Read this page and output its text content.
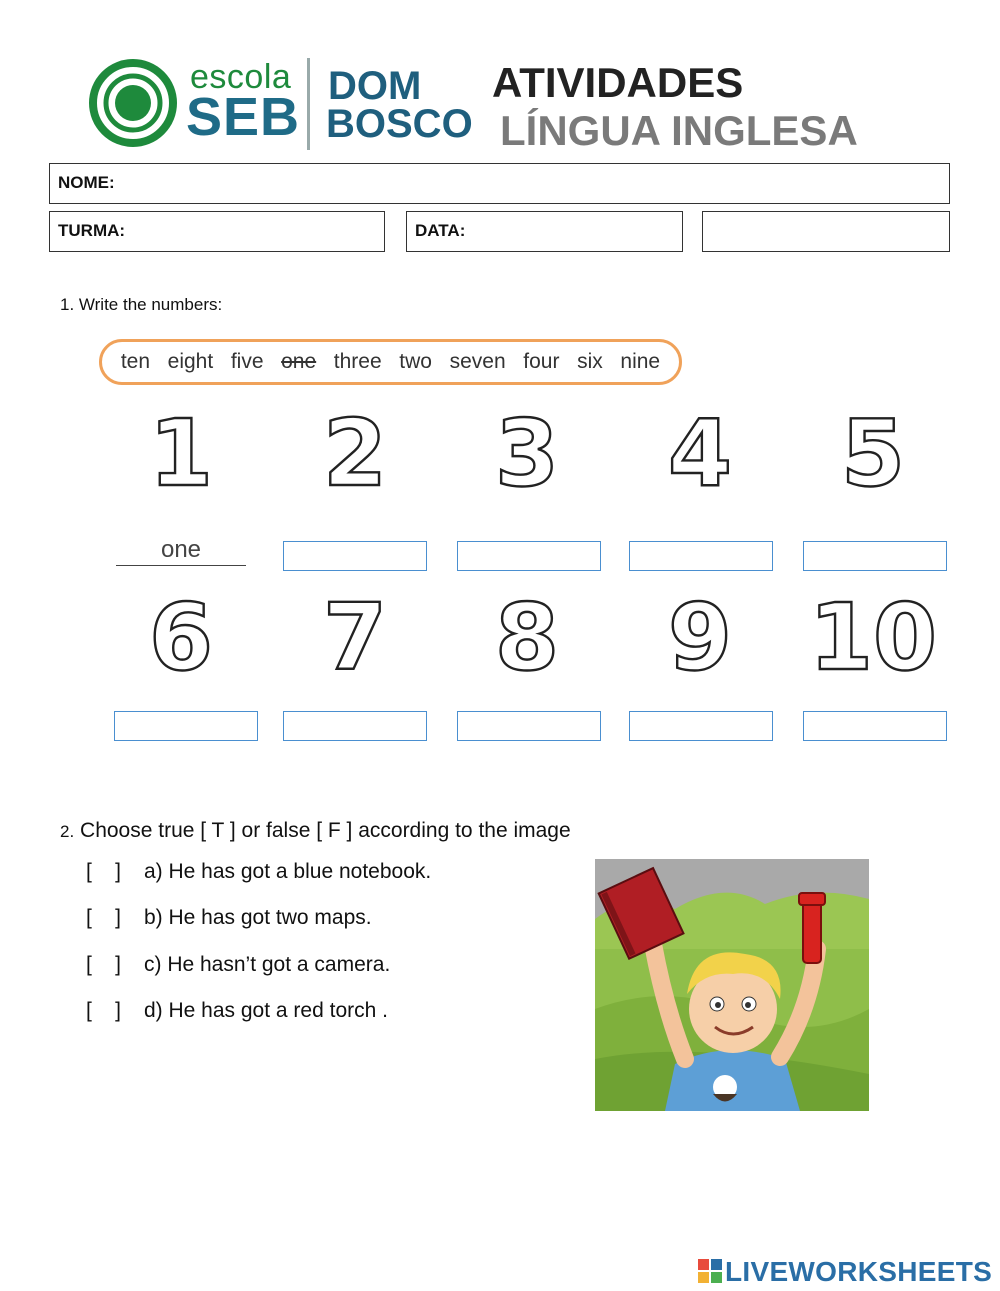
escola
SEB
DOM
BOSCO
ATIVIDADES
LÍNGUA INGLESA
NOME:
TURMA:	DATA:
1. Write the numbers:
ten eight five one three two seven four six nine
1	2	3	4	5
one
6	7	8	9 10
2. Choose true [ T ] or false [ F ] according to the image
[    ]	a) He has got a blue notebook.
[    ]	b) He has got two maps.
[    ]	c) He hasn’t got a camera.
[    ]	d) He has got a red torch .
LIVEWORKSHEETS
